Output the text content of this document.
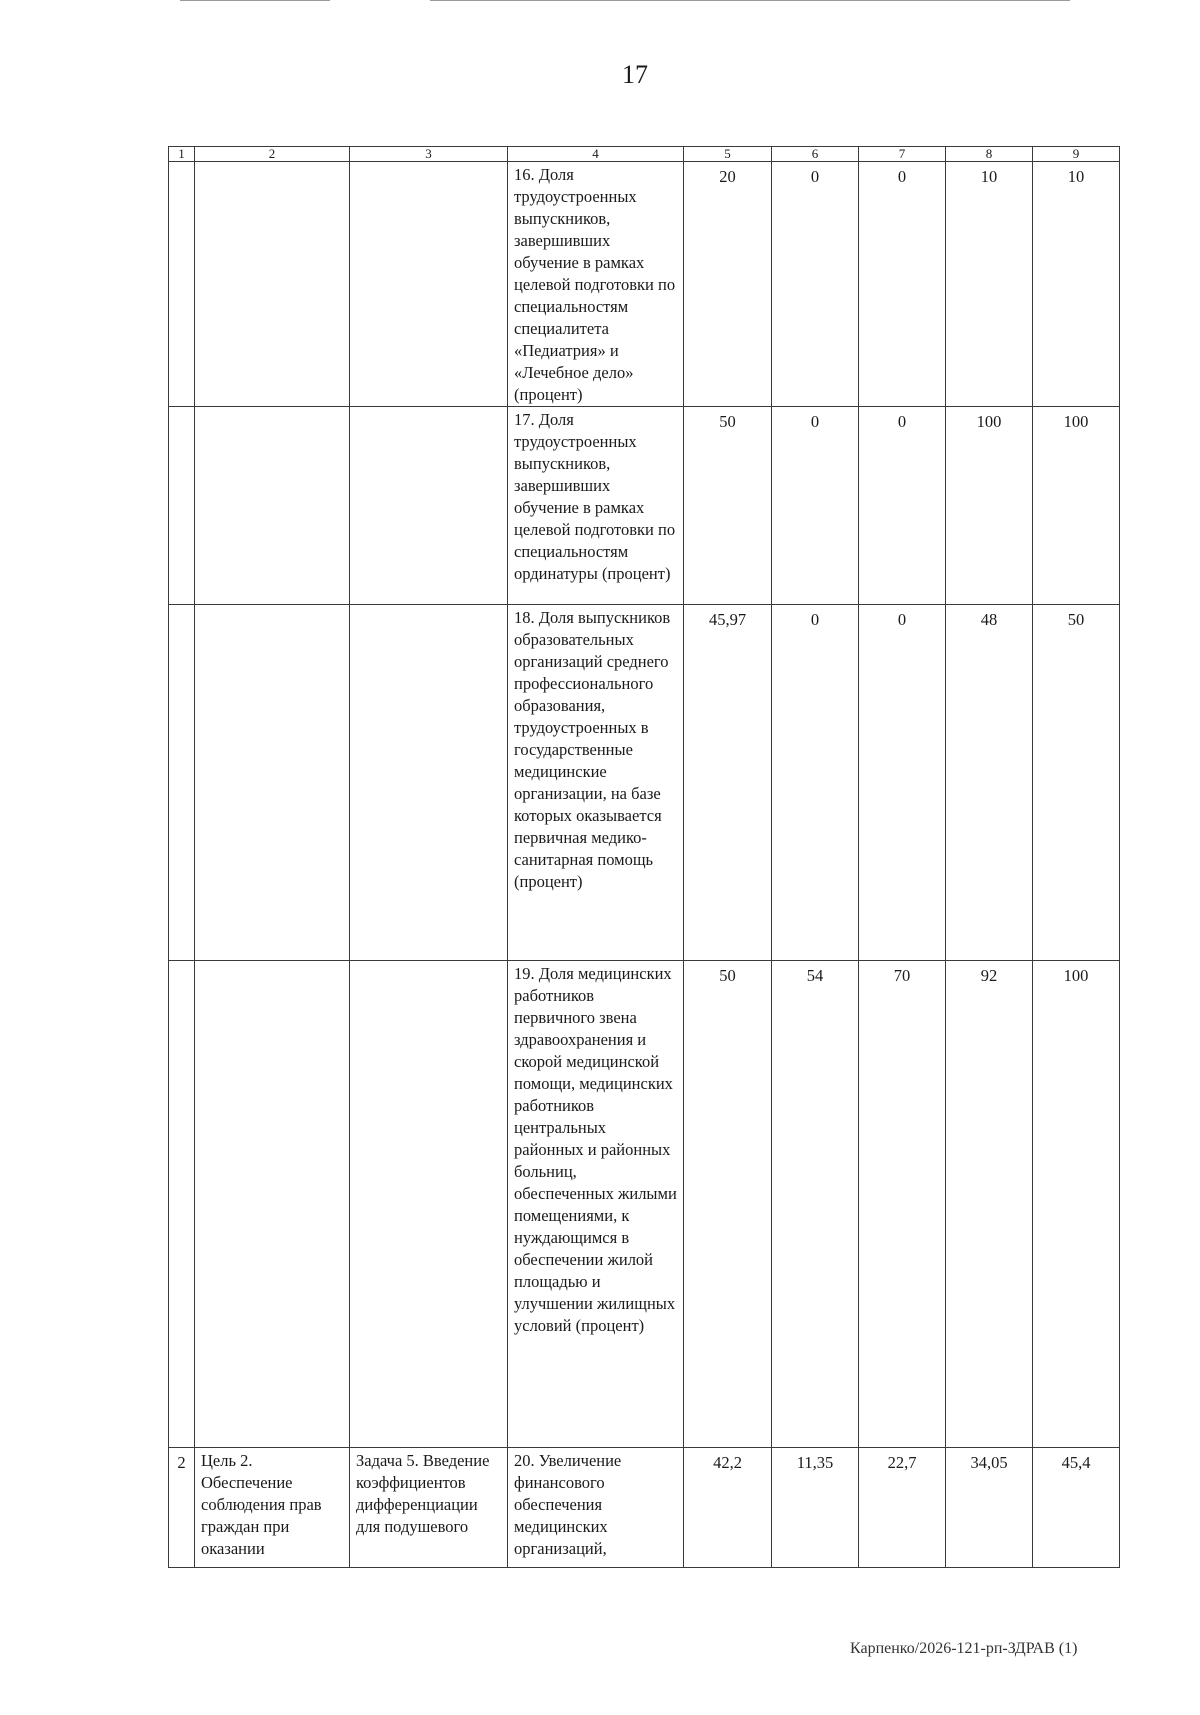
17
1	2	3	4	5	6	7	8	9
			16. Доля трудоустроенных выпускников, завершивших обучение в рамках целевой подготовки по специальностям специалитета «Педиатрия» и «Лечебное дело» (процент)	20	0	0	10	10
			17. Доля трудоустроенных выпускников, завершивших обучение в рамках целевой подготовки по специальностям ординатуры (процент)	50	0	0	100	100
			18. Доля выпускников образовательных организаций среднего профессионального образования, трудоустроенных в государственные медицинские организации, на базе которых оказывается первичная медико-санитарная помощь (процент)	45,97	0	0	48	50
			19. Доля медицинских работников первичного звена здравоохранения и скорой медицинской помощи, медицинских работников центральных районных и районных больниц, обеспеченных жилыми помещениями, к нуждающимся в обеспечении жилой площадью и улучшении жилищных условий (процент)	50	54	70	92	100
2	Цель 2. Обеспечение соблюдения прав граждан при оказании	Задача 5. Введение коэффициентов дифференциации для подушевого	20. Увеличение финансового обеспечения медицинских организаций,	42,2	11,35	22,7	34,05	45,4
Карпенко/2026-121-рп-ЗДРАВ (1)
